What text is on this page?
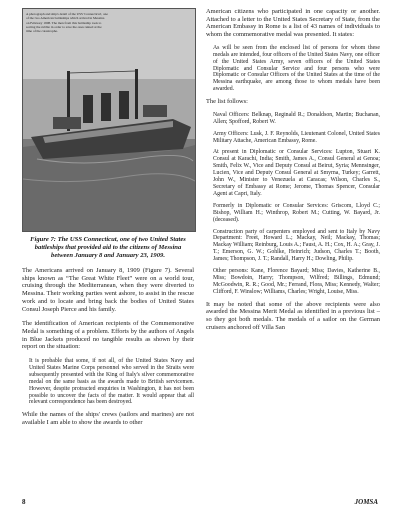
A photograph and ship's detail of the USS 'Connecticut', one of the two American battleships which arrived in Messina on February 1908. The men from this battleship took to sorting the rubble in order to save the ones ruined at the time of the catastrophe.
Figure 7: The USS Connecticut, one of two United States battleships that provided aid to the citizens of Messina between January 8 and January 23, 1909.

The Americans arrived on January 8, 1909 (Figure 7). Several ships known as “The Great White Fleet” were on a world tour, cruising through the Mediterranean, when they were diverted to Messina. Their working parties went ashore, to assist in the rescue work and to locate and bring back the bodies of United States Consul Joseph Pierce and his family.

The identification of American recipients of the Commemorative Medal is something of a problem. Efforts by the authors of Angels in Blue Jackets produced no tangible results as shown by their report on the situation:

It is probable that some, if not all, of the United States Navy and United States Marine Corps personnel who served in the Straits were subsequently presented with the King of Italy's silver commemorative medal on the same basis as the awards made to British servicemen. However, despite protracted enquiries in Washington, it has not been possible to uncover the facts of the matter. It would appear that all relevant correspondence has been destroyed.

While the names of the ships' crews (sailors and marines) are not available I am able to show the awards to other

American citizens who participated in one capacity or another. Attached to a letter to the United States Secretary of State, from the American Embassy in Rome is a list of 43 names of individuals to whom the commemorative medal was presented. It states:

As will be seen from the enclosed list of persons for whom these medals are intended, four officers of the United States Navy, one officer of the United States Army, seven officers of the United States Diplomatic and Consular Service and four persons who were Diplomatic or Consular Officers of the United States at the time of the Messina earthquake, are among those to whom medals have been awarded.

The list follows:

Naval Officers: Belknap, Reginald R.; Donaldson, Martin; Buchanan, Allen; Spofford, Robert W.

Army Officers: Lusk, J. F. Reynolds, Lieutenant Colonel, United States Military Attache, American Embassy, Rome.

At present in Diplomatic or Consular Services: Lupton, Stuart K. Consul at Karachi, India; Smith, James A., Consul General at Genoa; Smith, Felix W., Vice and Deputy Consul at Beirut, Syria; Mennsinger, Lucien, Vice and Deputy Consul General at Smyrna, Turkey; Garrett, John W., Minister to Venezuela at Caracas; Wilson, Charles S., Secretary of Embassy at Rome; Jerome, Thomas Spencer, Consular Agent at Capri, Italy.

Formerly in Diplomatic or Consular Services: Griscom, Lloyd C.; Bishop, William H.; Winthrop, Robert M.; Cutting, W. Bayard, Jr. (deceased).

Construction party of carpenters employed and sent to Italy by Navy Department: Freet, Howard L.; Mackay, Neil; Mackay, Thomas; Mackay William; Reinburg, Louis A.; Faust, A. H.; Cox, H. A.; Gray, J. T.; Emerson, G. W.; Gohlke, Heinrich; Judson, Charles T.; Booth, James; Thompson, J. T.; Randall, Harry H.; Dowling, Philip.

Other persons: Kane, Florence Bayard; Miss; Davies, Katherine B., Miss; Bowdoin, Harry; Thompson, Wilfred; Billings, Edmund; McGoodwin, R. R.; Good, Mr.; Ferrand, Flora, Miss; Kennedy, Walter; Clifford, F. Winslow; Williams, Charles; Wright, Louise, Miss.

It may be noted that some of the above recipients were also awarded the Messina Merit Medal as identified in a previous list – so they got both medals. The medals of a sailor on the German cruisers anchored off Villa San

8	JOMSA
